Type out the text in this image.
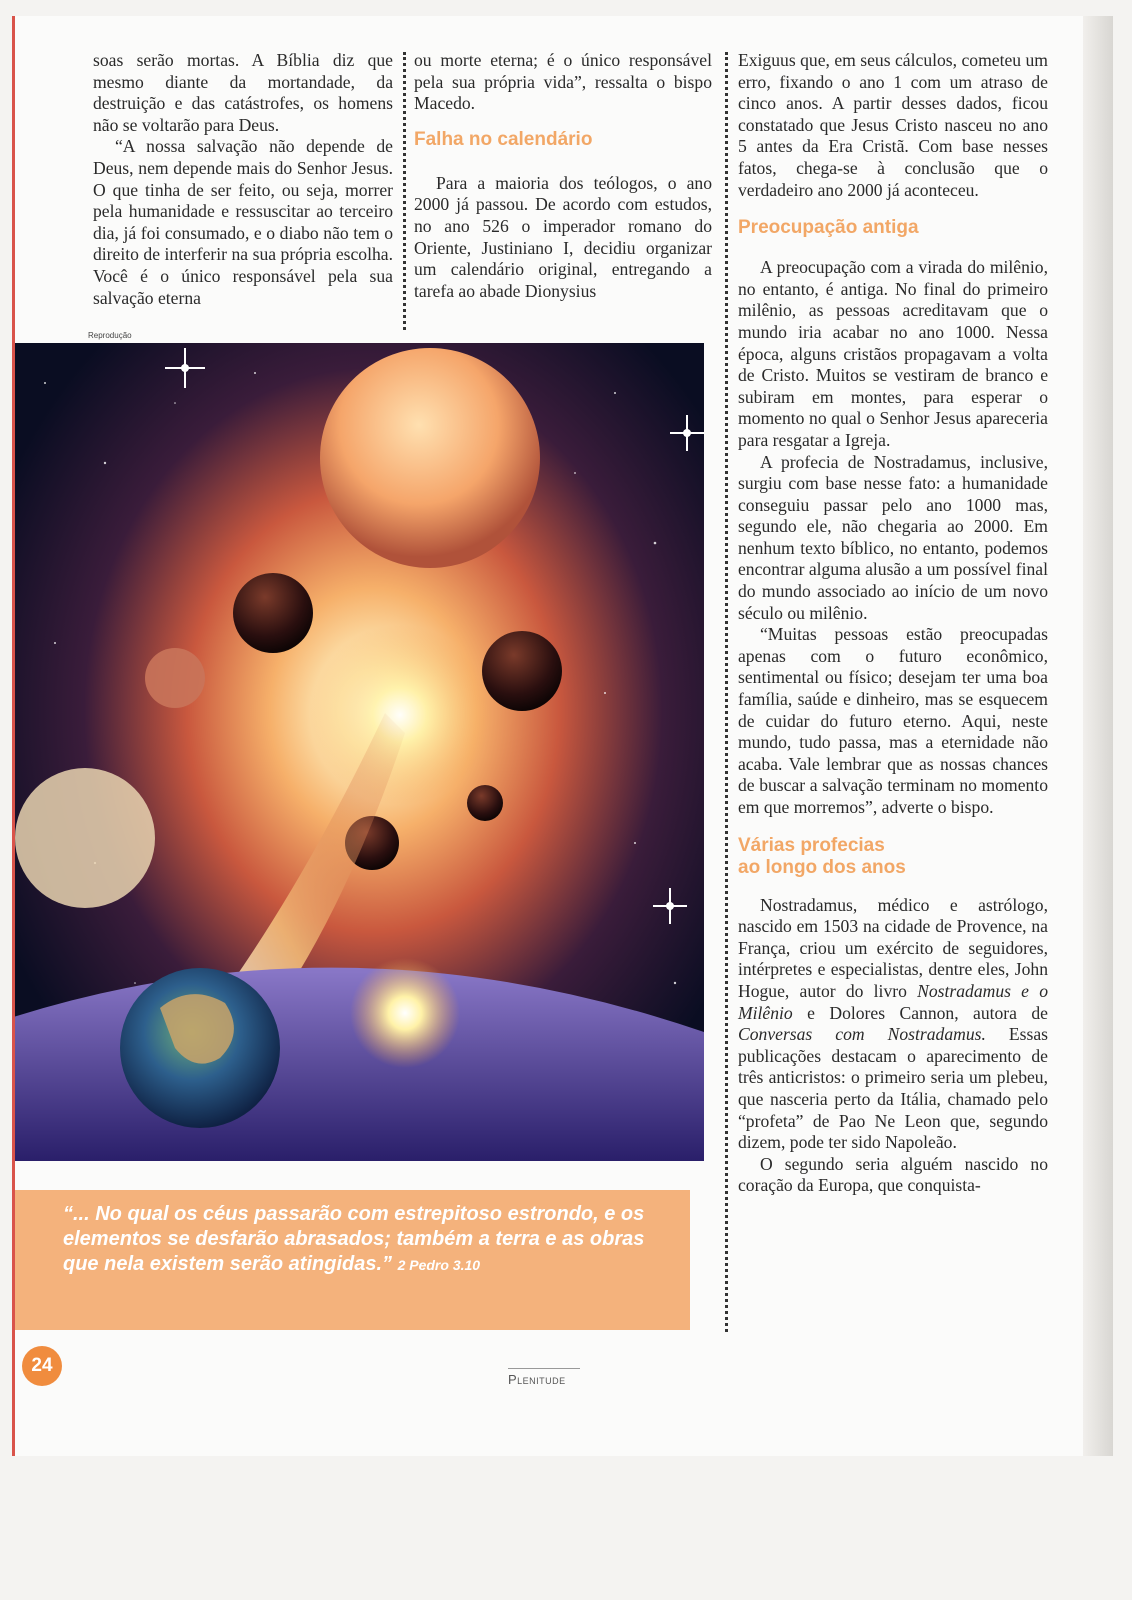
soas serão mortas. A Bíblia diz que mesmo diante da mortandade, da destruição e das catástrofes, os homens não se voltarão para Deus.

“A nossa salvação não depende de Deus, nem depende mais do Senhor Jesus. O que tinha de ser feito, ou seja, morrer pela humanidade e ressuscitar ao terceiro dia, já foi consumado, e o diabo não tem o direito de interferir na sua própria escolha. Você é o único responsável pela sua salvação eterna

ou morte eterna; é o único responsável pela sua própria vida”, ressalta o bispo Macedo.

Falha no calendário

Para a maioria dos teólogos, o ano 2000 já passou. De acordo com estudos, no ano 526 o imperador romano do Oriente, Justiniano I, decidiu organizar um calendário original, entregando a tarefa ao abade Dionysius

Exiguus que, em seus cálculos, cometeu um erro, fixando o ano 1 com um atraso de cinco anos. A partir desses dados, ficou constatado que Jesus Cristo nasceu no ano 5 antes da Era Cristã. Com base nesses fatos, chega-se à conclusão que o verdadeiro ano 2000 já aconteceu.

Preocupação antiga

A preocupação com a virada do milênio, no entanto, é antiga. No final do primeiro milênio, as pessoas acreditavam que o mundo iria acabar no ano 1000. Nessa época, alguns cristãos propagavam a volta de Cristo. Muitos se vestiram de branco e subiram em montes, para esperar o momento no qual o Senhor Jesus apareceria para resgatar a Igreja.

A profecia de Nostradamus, inclusive, surgiu com base nesse fato: a humanidade conseguiu passar pelo ano 1000 mas, segundo ele, não chegaria ao 2000. Em nenhum texto bíblico, no entanto, podemos encontrar alguma alusão a um possível final do mundo associado ao início de um novo século ou milênio.

“Muitas pessoas estão preocupadas apenas com o futuro econômico, sentimental ou físico; desejam ter uma boa família, saúde e dinheiro, mas se esquecem de cuidar do futuro eterno. Aqui, neste mundo, tudo passa, mas a eternidade não acaba. Vale lembrar que as nossas chances de buscar a salvação terminam no momento em que morremos”, adverte o bispo.

Várias profecias
ao longo dos anos

Nostradamus, médico e astrólogo, nascido em 1503 na cidade de Provence, na França, criou um exército de seguidores, intérpretes e especialistas, dentre eles, John Hogue, autor do livro Nostradamus e o Milênio e Dolores Cannon, autora de Conversas com Nostradamus. Essas publicações destacam o aparecimento de três anticristos: o primeiro seria um plebeu, que nasceria perto da Itália, chamado pelo “profeta” de Pao Ne Leon que, segundo dizem, pode ter sido Napoleão.

O segundo seria alguém nascido no coração da Europa, que conquista-

Reprodução
“... No qual os céus passarão com estrepitoso estrondo, e os elementos se desfarão abrasados; também a terra e as obras que nela existem serão atingidas.” 2 Pedro 3.10
24
Plenitude
